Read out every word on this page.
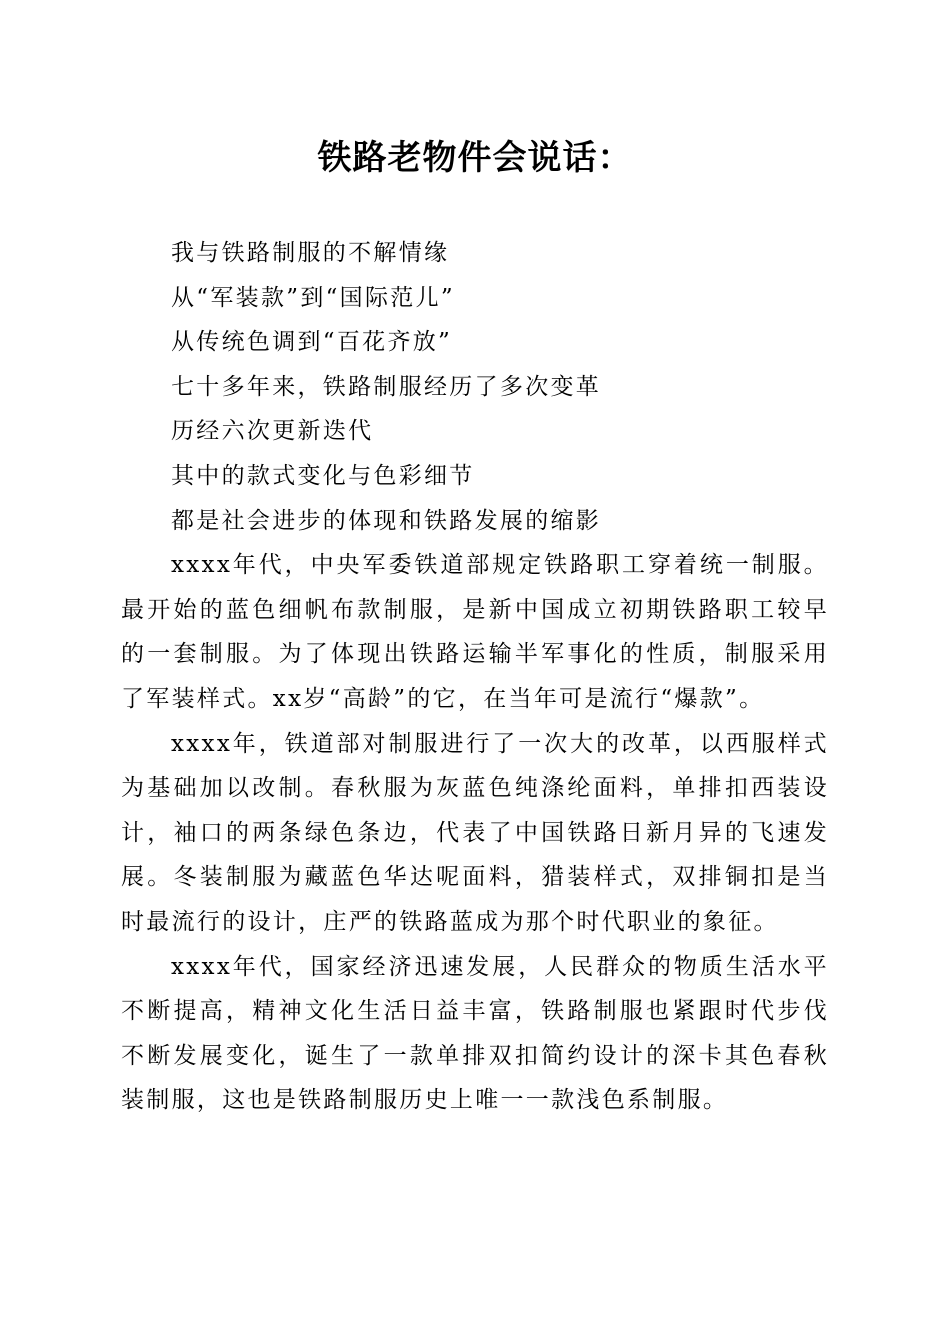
铁路老物件会说话：

我与铁路制服的不解情缘

从“军装款”到“国际范儿”

从传统色调到“百花齐放”

七十多年来，铁路制服经历了多次变革

历经六次更新迭代

其中的款式变化与色彩细节

都是社会进步的体现和铁路发展的缩影

xxxx年代，中央军委铁道部规定铁路职工穿着统一制服。最开始的蓝色细帆布款制服，是新中国成立初期铁路职工较早的一套制服。为了体现出铁路运输半军事化的性质，制服采用了军装样式。xx岁“高龄”的它，在当年可是流行“爆款”。

xxxx年，铁道部对制服进行了一次大的改革，以西服样式为基础加以改制。春秋服为灰蓝色纯涤纶面料，单排扣西装设计，袖口的两条绿色条边，代表了中国铁路日新月异的飞速发展。冬装制服为藏蓝色华达呢面料，猎装样式，双排铜扣是当时最流行的设计，庄严的铁路蓝成为那个时代职业的象征。

xxxx年代，国家经济迅速发展，人民群众的物质生活水平不断提高，精神文化生活日益丰富，铁路制服也紧跟时代步伐不断发展变化，诞生了一款单排双扣简约设计的深卡其色春秋装制服，这也是铁路制服历史上唯一一款浅色系制服。
